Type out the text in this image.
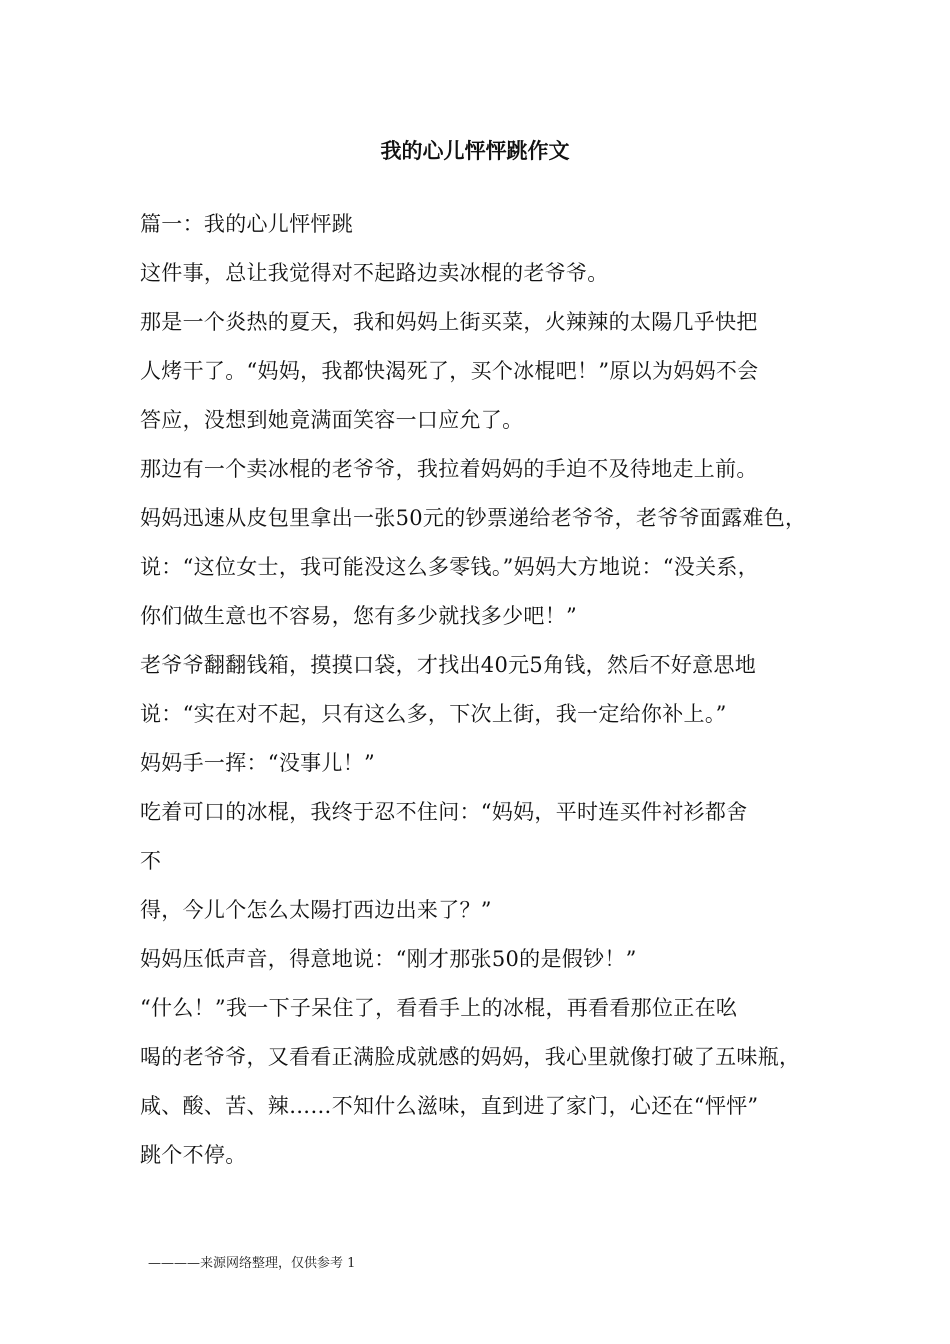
我的心儿怦怦跳作文
篇一：我的心儿怦怦跳
这件事，总让我觉得对不起路边卖冰棍的老爷爷。
那是一个炎热的夏天，我和妈妈上街买菜，火辣辣的太陽几乎快把
人烤干了。“妈妈，我都快渴死了，买个冰棍吧！”原以为妈妈不会
答应，没想到她竟满面笑容一口应允了。
那边有一个卖冰棍的老爷爷，我拉着妈妈的手迫不及待地走上前。
妈妈迅速从皮包里拿出一张50元的钞票递给老爷爷，老爷爷面露难色，
说：“这位女士，我可能没这么多零钱。”妈妈大方地说：“没关系，
你们做生意也不容易，您有多少就找多少吧！”
老爷爷翻翻钱箱，摸摸口袋，才找出40元5角钱，然后不好意思地
说：“实在对不起，只有这么多，下次上街，我一定给你补上。”
妈妈手一挥：“没事儿！”
吃着可口的冰棍，我终于忍不住问：“妈妈，平时连买件衬衫都舍
不
得，今儿个怎么太陽打西边出来了？”
妈妈压低声音，得意地说：“刚才那张50的是假钞！”
“什么！”我一下子呆住了，看看手上的冰棍，再看看那位正在吆
喝的老爷爷，又看看正满脸成就感的妈妈，我心里就像打破了五味瓶，
咸、酸、苦、辣……不知什么滋味，直到进了家门，心还在“怦怦”
跳个不停。
————来源网络整理，仅供参考 1
